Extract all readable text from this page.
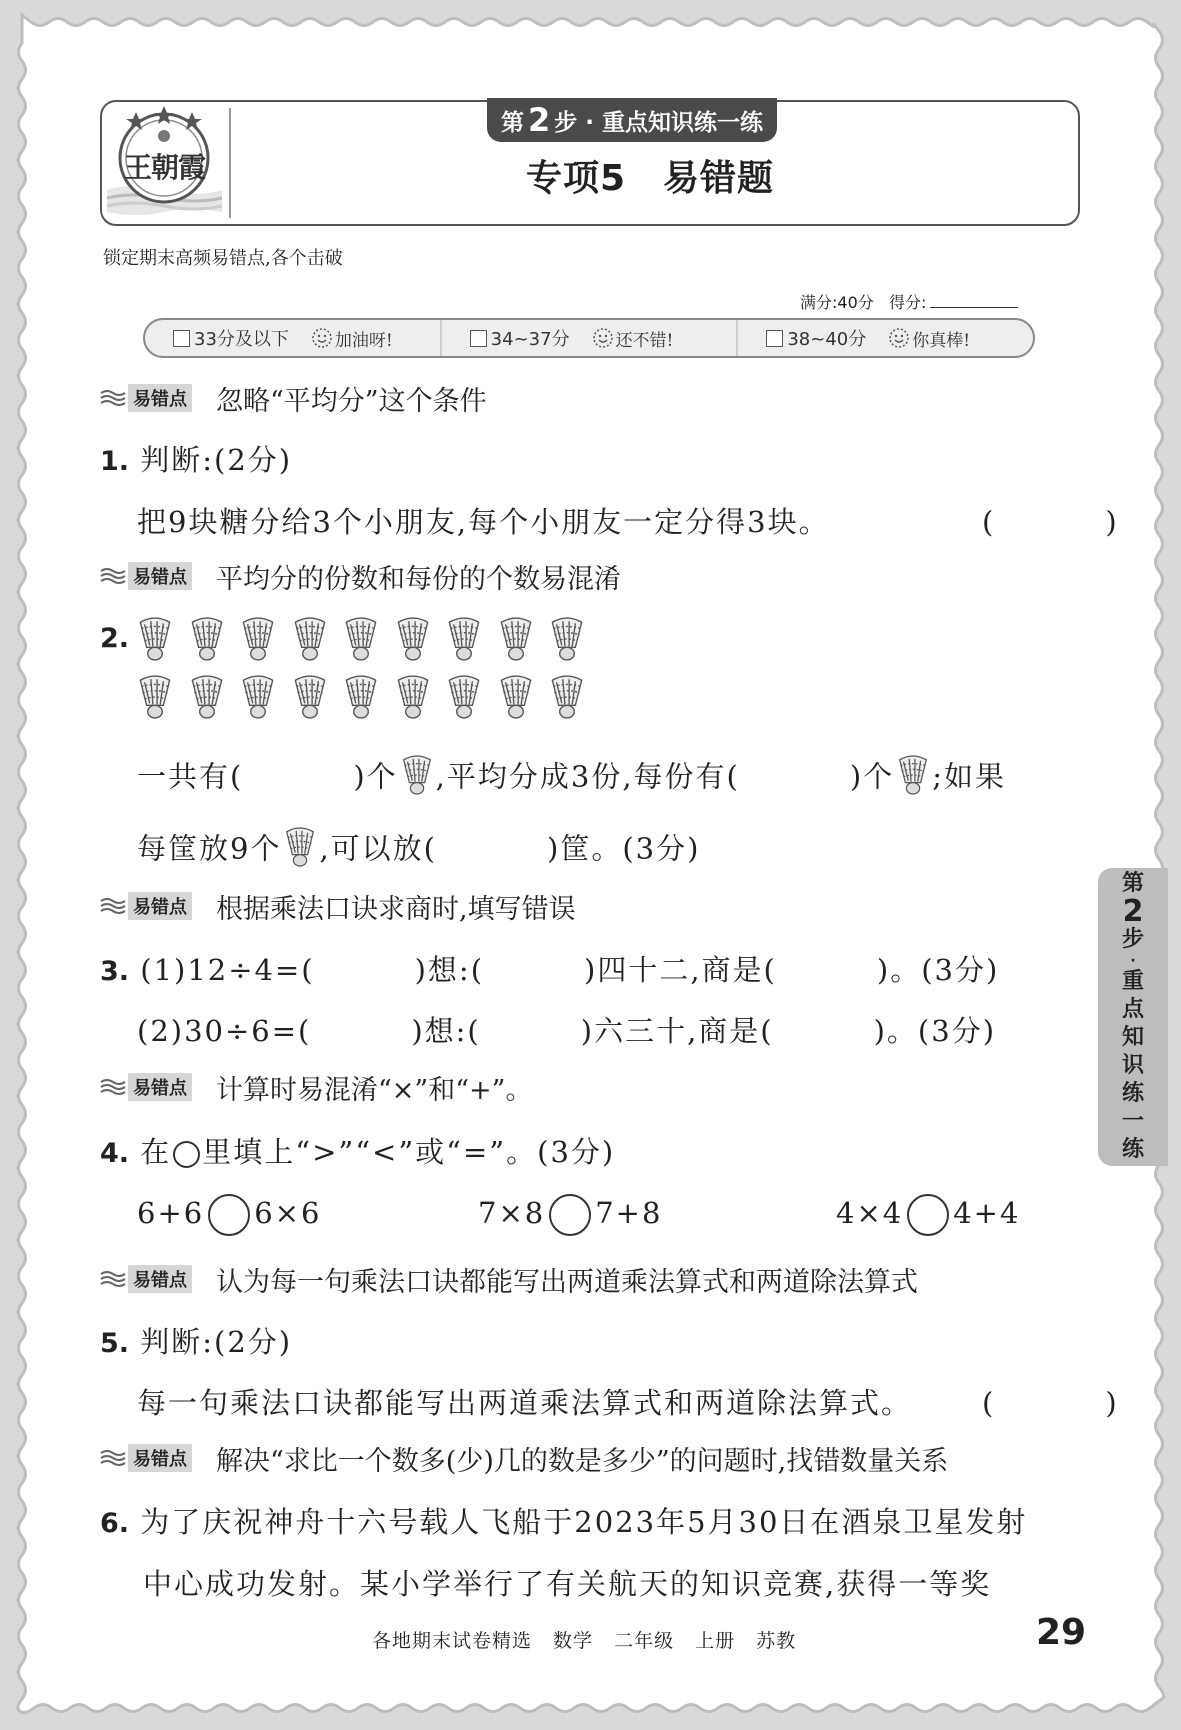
王朝霞
第 2 步 · 重点知识练一练
专项5　易错题
锁定期末高频易错点,各个击破
满分:40分 得分:
33分及以下	加油呀!	34~37分	还不错!	38~40分	你真棒!
易错点 忽略“平均分”这个条件
1. 判断:(2分)
把9块糖分给3个小朋友,每个小朋友一定分得3块。	(　　)
易错点 平均分的份数和每份的个数易混淆
2.
一共有(	)个 ,平均分成3份,每份有(	)个 ;如果
每筐放9个 ,可以放(	)筐。(3分)
易错点 根据乘法口诀求商时,填写错误
3. (1)12÷4=(	)想:(	)四十二,商是(	)。(3分)
(2)30÷6=(	)想:(	)六三十,商是(	)。(3分)
易错点 计算时易混淆“×”和“+”。
4. 在 里填上“>”“<”或“=”。(3分)
6+6 6×6	7×8 7+8	4×4 4+4
易错点 认为每一句乘法口诀都能写出两道乘法算式和两道除法算式
5. 判断:(2分)
每一句乘法口诀都能写出两道乘法算式和两道除法算式。 (　　)
易错点 解决“求比一个数多(少)几的数是多少”的问题时,找错数量关系
6. 为了庆祝神舟十六号载人飞船于2023年5月30日在酒泉卫星发射
中心成功发射。某小学举行了有关航天的知识竞赛,获得一等奖
第
2
步
·
重
点
知
识
练
一
练
各地期末试卷精选 数学 二年级 上册 苏教	29
